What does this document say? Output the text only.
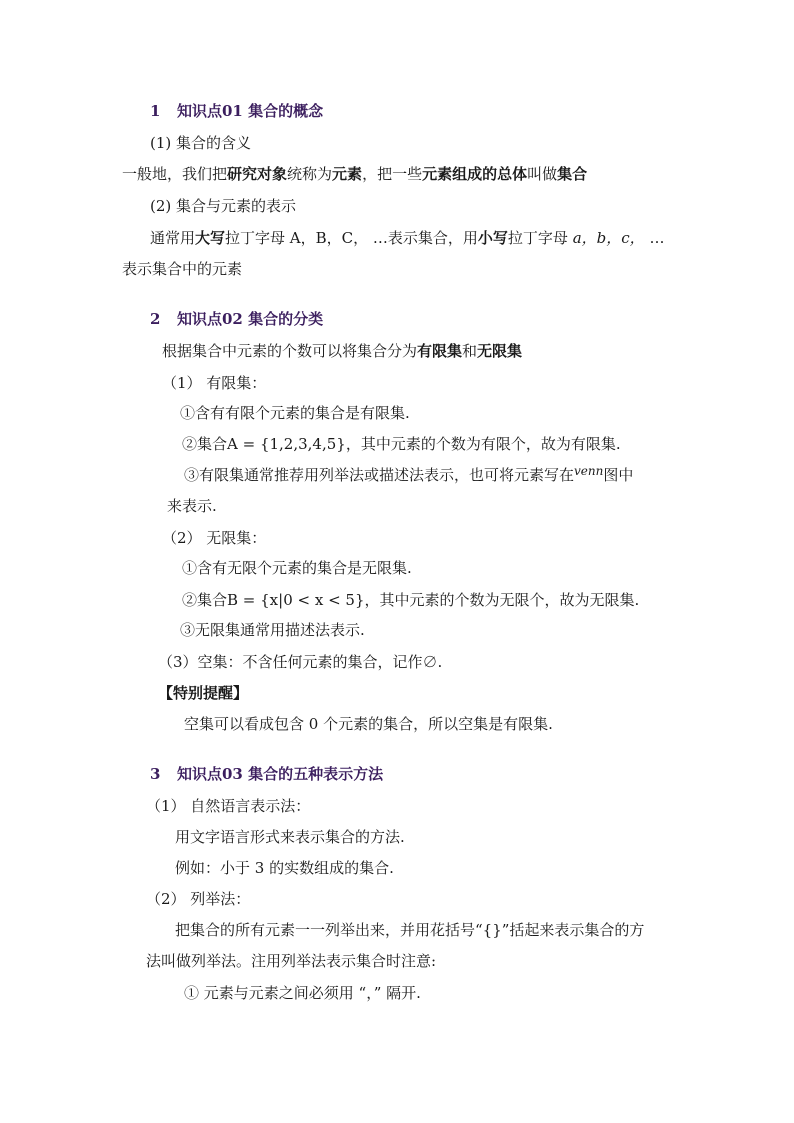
1 知识点01 集合的概念
(1) 集合的含义
一般地，我们把研究对象统称为元素，把一些元素组成的总体叫做集合
(2) 集合与元素的表示
通常用大写拉丁字母 A，B，C， …表示集合，用小写拉丁字母 a，b，c， …
表示集合中的元素
2 知识点02 集合的分类
根据集合中元素的个数可以将集合分为有限集和无限集
（1） 有限集：
①含有有限个元素的集合是有限集.
②集合A = {1,2,3,4,5}，其中元素的个数为有限个，故为有限集.
③有限集通常推荐用列举法或描述法表示，也可将元素写在$^{venn}$图中
来表示.
（2） 无限集：
①含有无限个元素的集合是无限集.
②集合B = {x|0 < x < 5}，其中元素的个数为无限个，故为无限集.
③无限集通常用描述法表示.
（3）空集：不含任何元素的集合，记作∅.
【特别提醒】
空集可以看成包含 0 个元素的集合，所以空集是有限集.
3 知识点03 集合的五种表示方法
（1） 自然语言表示法：
用文字语言形式来表示集合的方法.
例如：小于 3 的实数组成的集合.
（2） 列举法：
把集合的所有元素一一列举出来，并用花括号“{}”括起来表示集合的方
法叫做列举法。注用列举法表示集合时注意:
① 元素与元素之间必须用 “，” 隔开.
